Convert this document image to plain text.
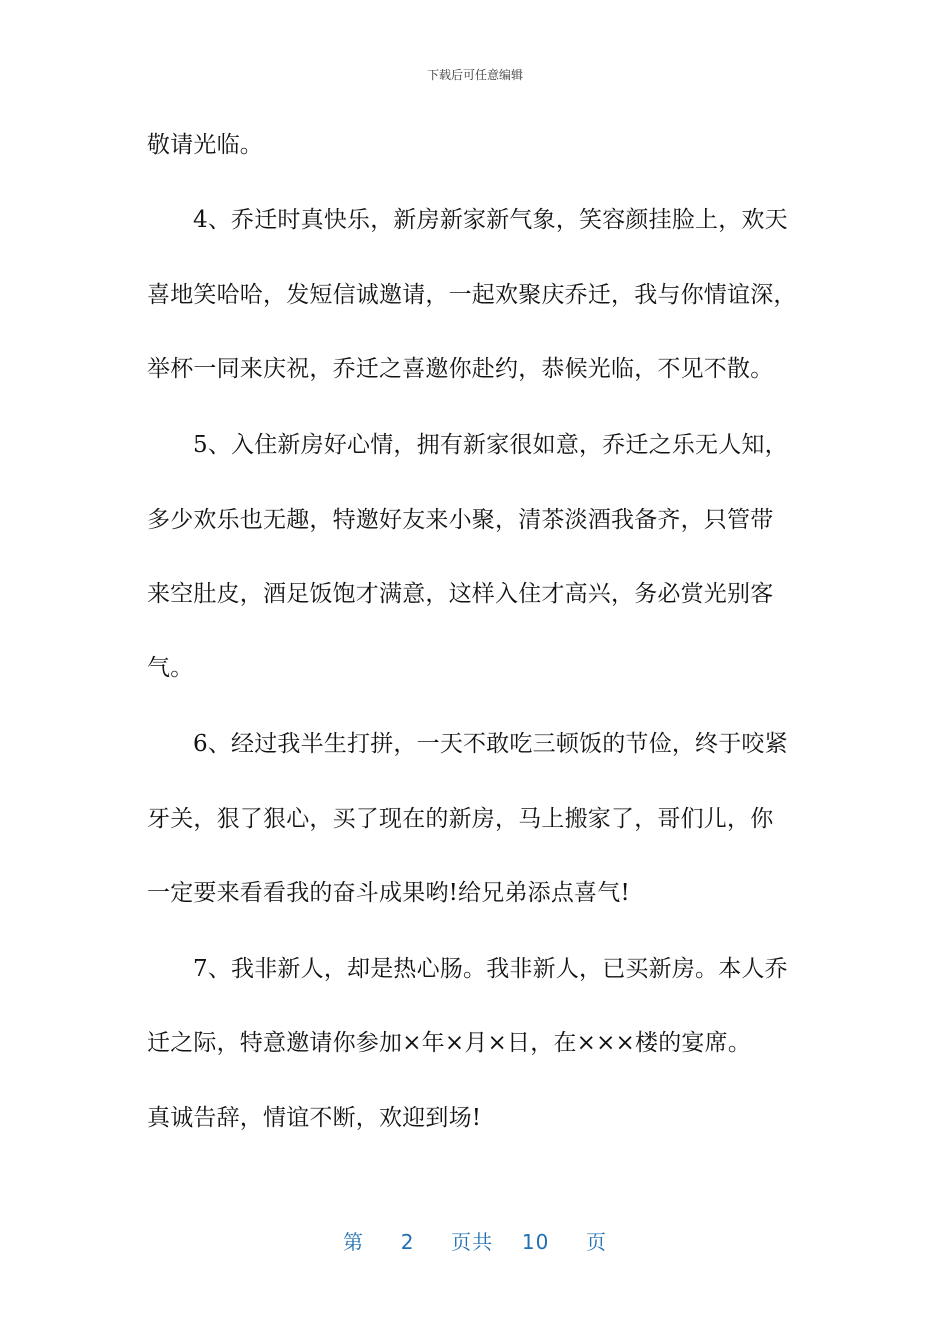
下载后可任意编辑
敬请光临。
4、乔迁时真快乐，新房新家新气象，笑容颜挂脸上，欢天
喜地笑哈哈，发短信诚邀请，一起欢聚庆乔迁，我与你情谊深，
举杯一同来庆祝，乔迁之喜邀你赴约，恭候光临，不见不散。
5、入住新房好心情，拥有新家很如意，乔迁之乐无人知，
多少欢乐也无趣，特邀好友来小聚，清茶淡酒我备齐，只管带
来空肚皮，酒足饭饱才满意，这样入住才高兴，务必赏光别客
气。
6、经过我半生打拼，一天不敢吃三顿饭的节俭，终于咬紧
牙关，狠了狠心，买了现在的新房，马上搬家了，哥们儿，你
一定要来看看我的奋斗成果哟!给兄弟添点喜气!
7、我非新人，却是热心肠。我非新人，已买新房。本人乔
迁之际，特意邀请你参加×年×月×日，在×××楼的宴席。
真诚告辞，情谊不断，欢迎到场!
第 2 页共 10 页
